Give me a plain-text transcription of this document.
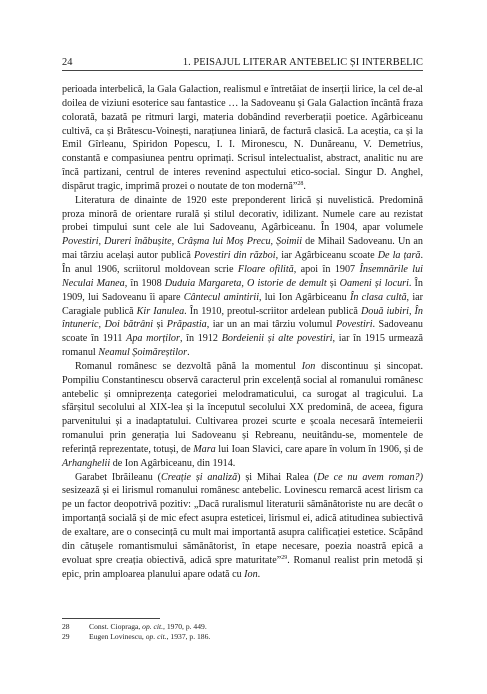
24	1. PEISAJUL LITERAR ANTEBELIC ȘI INTERBELIC

perioada interbelică, la Gala Galaction, realismul e întretăiat de inserții lirice, la cel de-al doilea de viziuni esoterice sau fantastice … la Sadoveanu și Gala Galaction încântă fraza colorată, bazată pe ritmuri largi, materia dobândind reverberații poetice. Agârbiceanu cultivă, ca și Brătescu-Voinești, narațiunea liniară, de factură clasică. La aceștia, ca și la Emil Gîrleanu, Spiridon Popescu, I. I. Mironescu, N. Dunăreanu, V. Demetrius, constantă e compasiunea pentru oprimați. Scrisul intelectualist, abstract, analitic nu are încă partizani, centrul de interes revenind aspectului etico-social. Singur D. Anghel, dispărut tragic, imprimă prozei o noutate de ton modernă”$^{28}$.

Literatura de dinainte de 1920 este preponderent lirică și nuvelistică. Predomină proza minoră de orientare rurală și stilul decorativ, idilizant. Numele care au rezistat probei timpului sunt cele ale lui Sadoveanu, Agârbiceanu. În 1904, apar volumele Povestiri, Dureri înăbușite, Crâșma lui Moș Precu, Șoimii de Mihail Sadoveanu. Un an mai târziu același autor publică Povestiri din război, iar Agârbiceanu scoate De la țară. În anul 1906, scriitorul moldovean scrie Floare ofilită, apoi în 1907 Însemnările lui Neculai Manea, în 1908 Duduia Margareta, O istorie de demult și Oameni și locuri. În 1909, lui Sadoveanu îi apare Cântecul amintirii, lui Ion Agârbiceanu În clasa cultă, iar Caragiale publică Kir Ianulea. În 1910, preotul-scriitor ardelean publică Două iubiri, În întuneric, Doi bătrâni și Prăpastia, iar un an mai târziu volumul Povestiri. Sadoveanu scoate în 1911 Apa morților, în 1912 Bordeienii și alte povestiri, iar în 1915 urmează romanul Neamul Șoimăreștilor.

Romanul românesc se dezvoltă până la momentul Ion discontinuu și sincopat. Pompiliu Constantinescu observă caracterul prin excelență social al romanului românesc antebelic și omniprezența categoriei melodramaticului, ca surogat al tragicului. La sfârșitul secolului al XIX-lea și la începutul secolului XX predomină, de aceea, figura parvenitului și a inadaptatului. Cultivarea prozei scurte e școala necesară întemeierii romanului prin generația lui Sadoveanu și Rebreanu, neuitându-se, momentele de referință reprezentate, totuși, de Mara lui Ioan Slavici, care apare în volum în 1906, și de Arhanghelii de Ion Agârbiceanu, din 1914.

Garabet Ibrăileanu (Creație și analiză) și Mihai Ralea (De ce nu avem roman?) sesizează și ei lirismul romanului românesc antebelic. Lovinescu remarcă acest lirism ca pe un factor deopotrivă pozitiv: „Dacă ruralismul literaturii sămănătoriste nu are decât o importanță socială și de mic efect asupra esteticei, lirismul ei, adică atitudinea subiectivă de exaltare, are o consecință cu mult mai importantă asupra calificației estetice. Scăpând din cătușele romantismului sămănătorist, în etape necesare, poezia noastră epică a evoluat spre creația obiectivă, adică spre maturitate”$^{29}$. Romanul realist prin metodă și epic, prin amploarea planului apare odată cu Ion.

28	Const. Ciopraga, op. cit., 1970, p. 449.
29	Eugen Lovinescu, op. cit., 1937, p. 186.
